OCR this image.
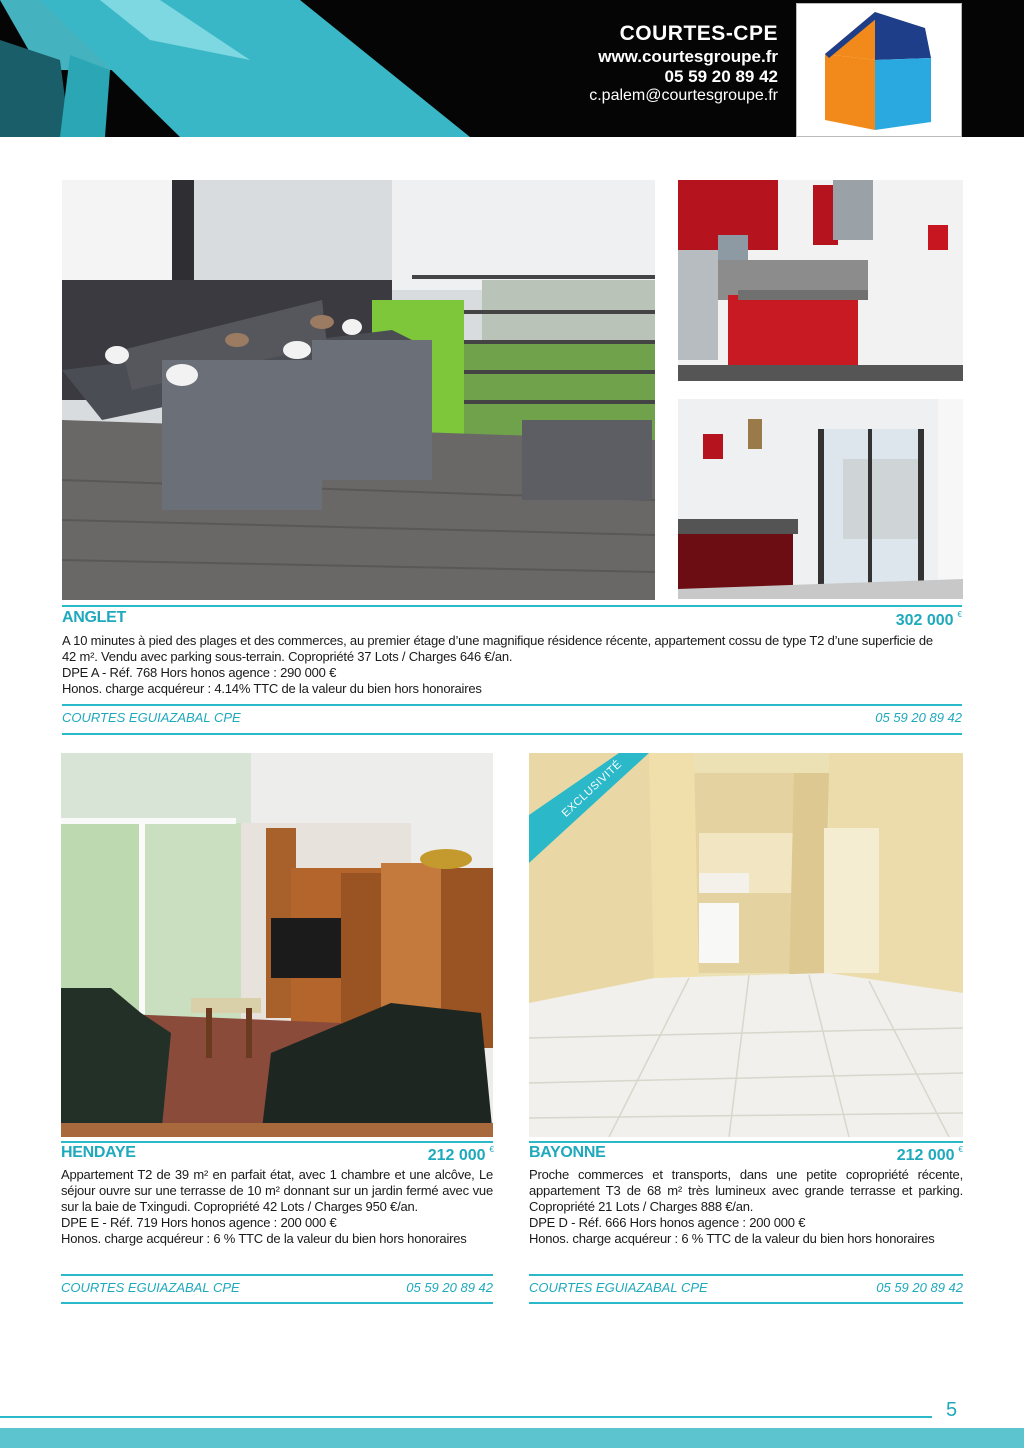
COURTES-CPE
www.courtesgroupe.fr
05 59 20 89 42
c.palem@courtesgroupe.fr
ANGLET	302 000 €

A 10 minutes à pied des plages et des commerces, au premier étage d’une magnifique résidence récente, appartement cossu de type T2 d’une superficie de

42 m². Vendu avec parking sous-terrain. Copropriété 37 Lots / Charges 646 €/an.

DPE A - Réf. 768 Hors honos agence : 290 000 €

Honos. charge acquéreur : 4.14% TTC de la valeur du bien hors honoraires

COURTES EGUIAZABAL CPE	05 59 20 89 42
EXCLUSIVITÉ
HENDAYE	212 000 €

Appartement T2 de 39 m² en parfait état, avec 1 chambre et une alcôve, Le séjour ouvre sur une terrasse de 10 m² donnant sur un jardin fermé avec vue sur la baie de Txingudi. Copropriété 42 Lots / Charges 950 €/an.

DPE E - Réf. 719 Hors honos agence : 200 000 €

Honos. charge acquéreur : 6 % TTC de la valeur du bien hors honoraires

COURTES EGUIAZABAL CPE	05 59 20 89 42
BAYONNE	212 000 €

Proche commerces et transports, dans une petite copropriété récente, appartement T3 de 68 m² très lumineux avec grande terrasse et parking. Copropriété 21 Lots / Charges 888 €/an.

DPE D - Réf. 666 Hors honos agence : 200 000 €

Honos. charge acquéreur : 6 % TTC de la valeur du bien hors honoraires

COURTES EGUIAZABAL CPE	05 59 20 89 42
5
